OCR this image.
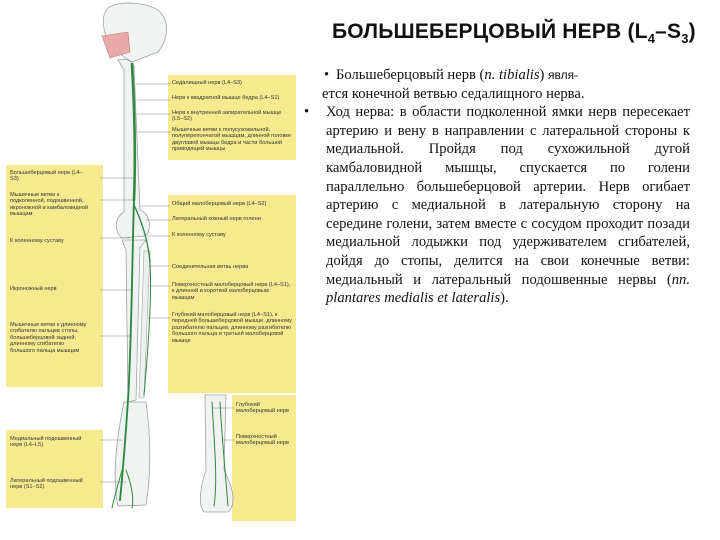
Седалищный нерв (L4–S3)
Нерв к квадратной мышце бедра (L4–S1)
Нерв к внутренней запирательной мышце (L5–S2)
Мышечные ветви к полусухожильной, полуперепончатой мышцам, длинной головке двуглавой мышцы бедра и части большой приводящей мышцы
Большеберцовый нерв (L4–S3)
Мышечные ветви к подколенной, подошвенной, икроножной и камбаловидной мышцам
К коленному суставу
Икроножный нерв
Мышечные ветви к длинному сгибателю пальцев стопы, большеберцовой задней, длинному сгибателю большого пальца мышцам
Медиальный подошвенный нерв (L4–L5)
Латеральный подошвенный нерв (S1–S2)
Общий малоберцовый нерв (L4–S2)
Латеральный кожный нерв голени
К коленному суставу
Соединительная ветвь нерва
Поверхностный малоберцовый нерв (L4–S1), к длинной и короткой малоберцовым мышцам
Глубокий малоберцовый нерв (L4–S1), к передней большеберцовой мышце, длинному разгибателю пальцев, длинному разгибателю большого пальца и третьей малоберцовой мышце
Глубокий малоберцовый нерв
Поверхностный малоберцовый нерв
БОЛЬШЕБЕРЦОВЫЙ НЕРВ $(L_4-S_3)$
• Большеберцовый нерв (n. tibialis) явля-
ется конечной ветвью седалищного нерва.
• Ход нерва: в области подколенной ямки нерв пересекает артерию и вену в направлении с латеральной стороны к медиальной. Пройдя под сухожильной дугой камбаловидной мышцы, спускается по голени параллельно большеберцовой артерии. Нерв огибает артерию с медиальной в латеральную сторону на середине голени, затем вместе с сосудом проходит позади медиальной лодыжки под удерживателем сгибателей, дойдя до стопы, делится на свои конечные ветви: медиальный и латеральный подошвенные нервы (nn. plantares medialis et lateralis).
